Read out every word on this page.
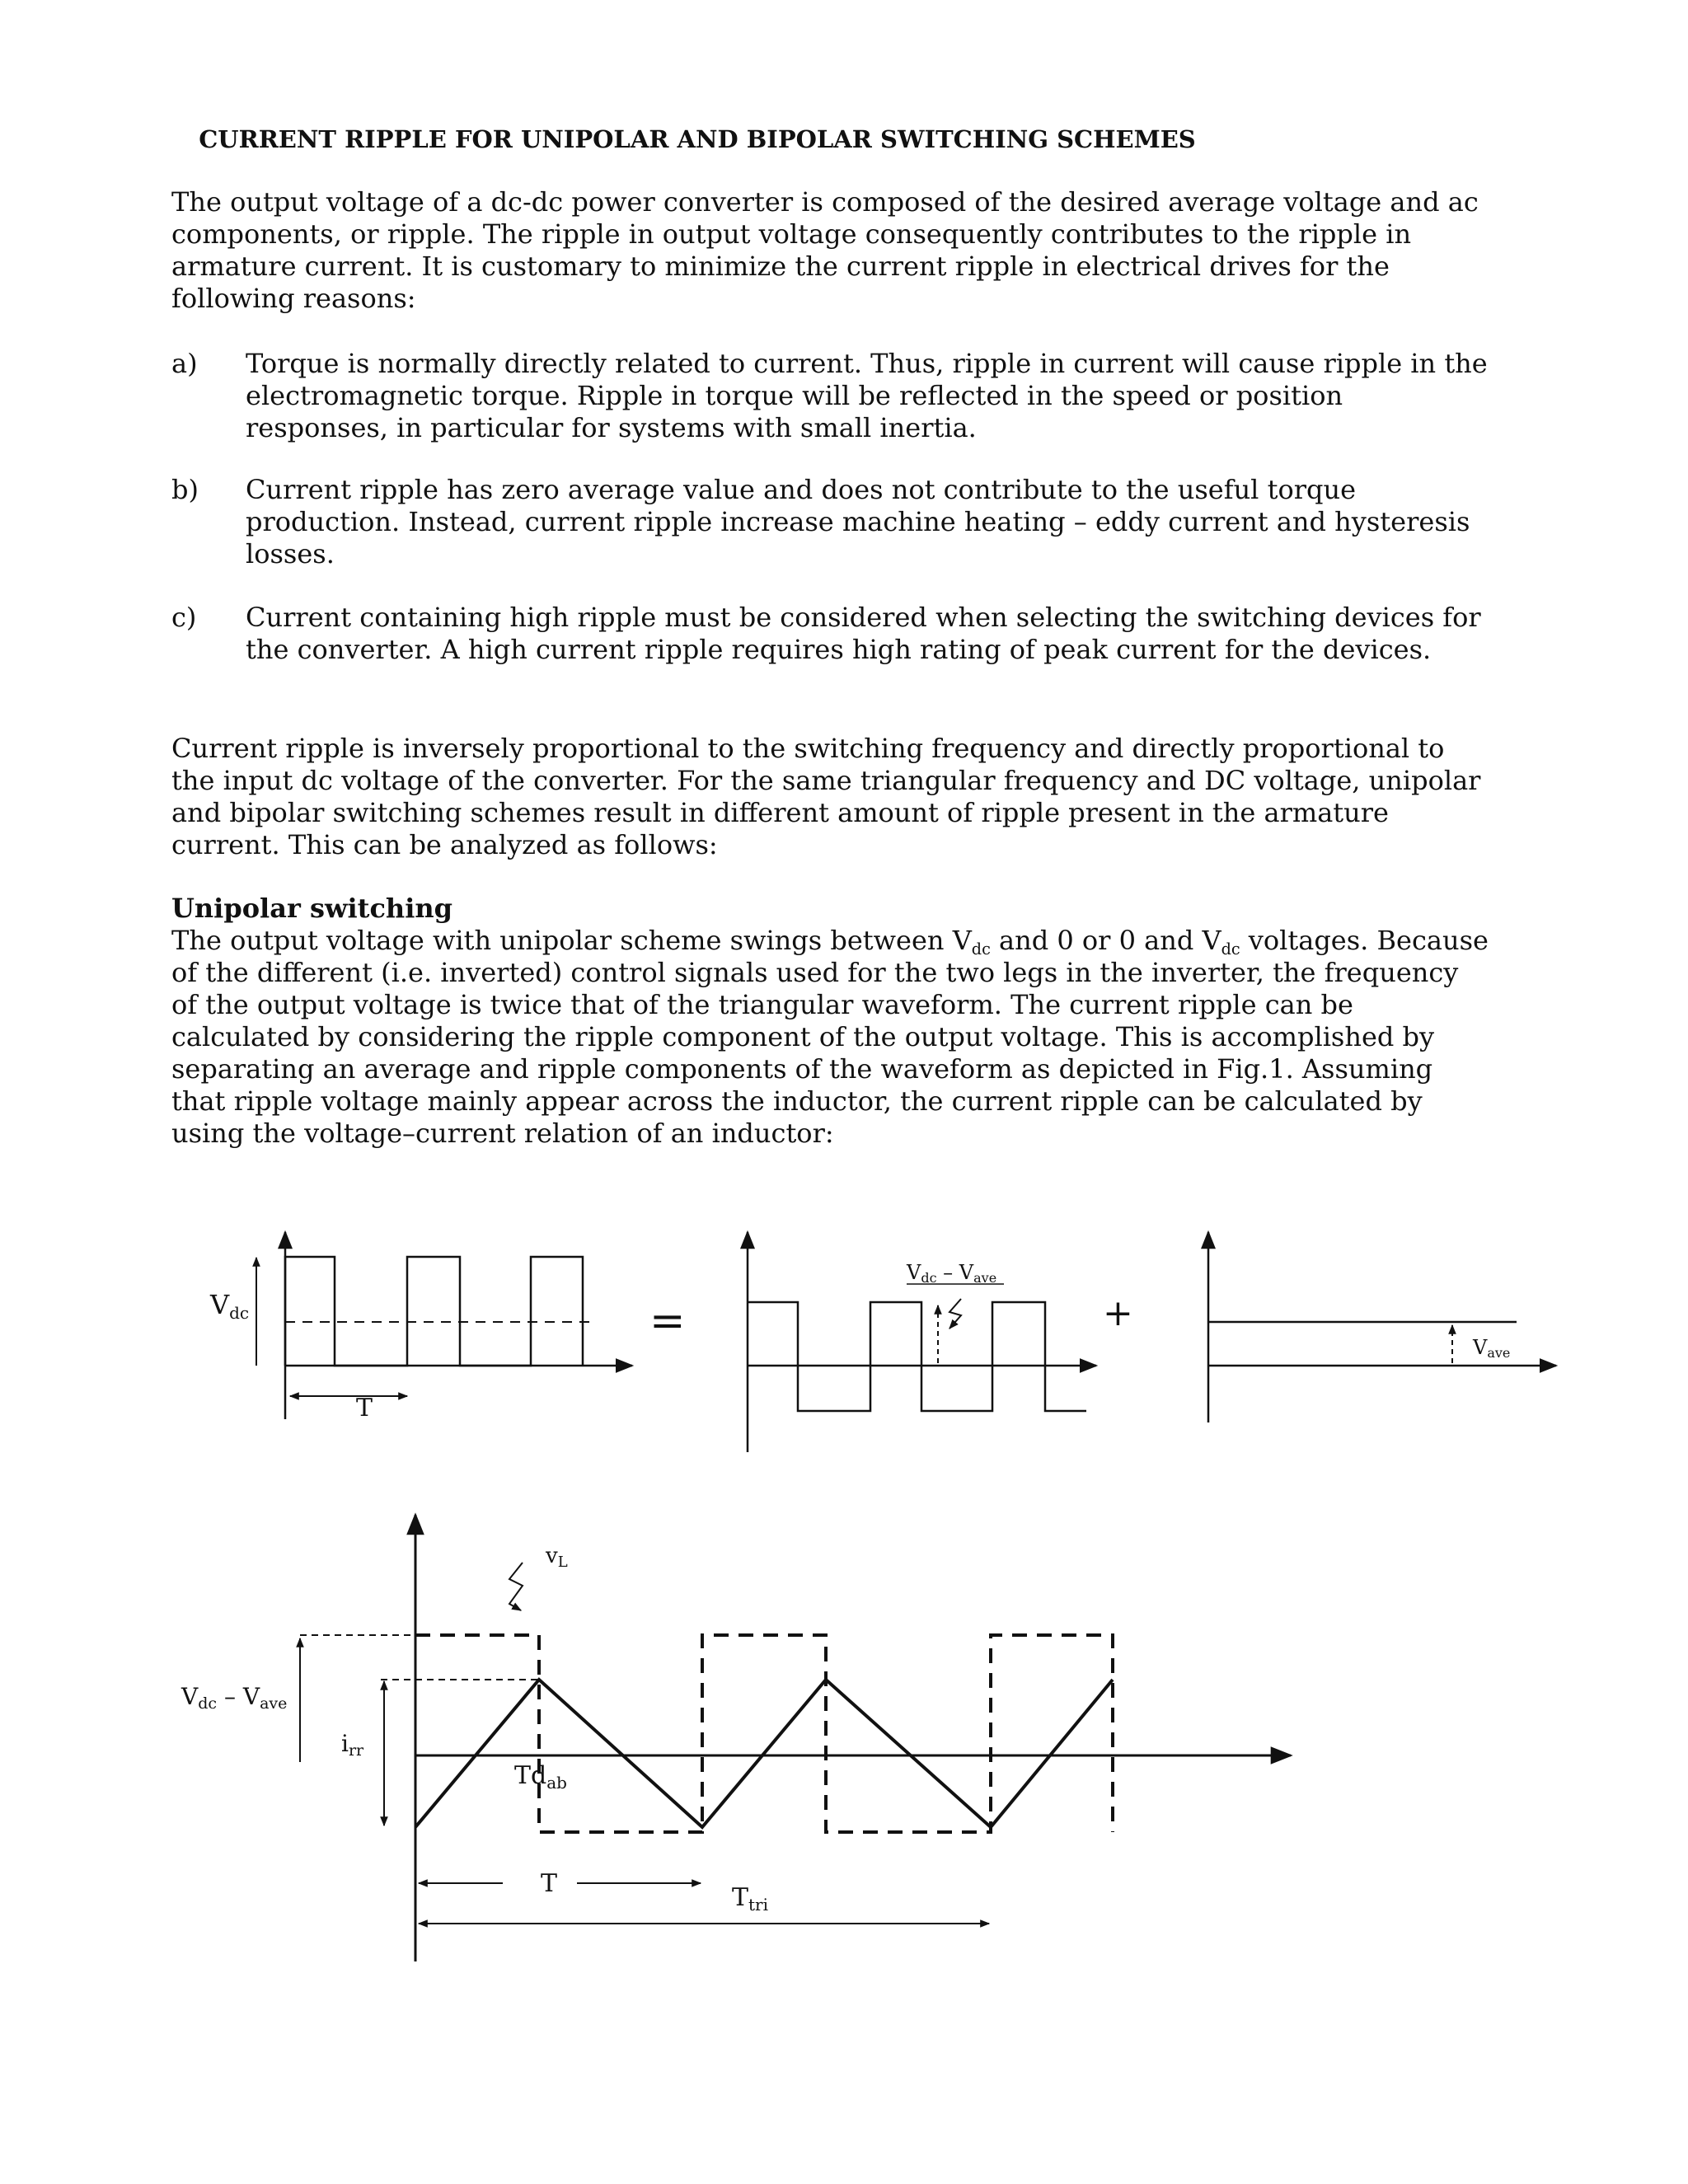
CURRENT RIPPLE FOR UNIPOLAR AND BIPOLAR SWITCHING SCHEMES
The output voltage of a dc-dc power converter is composed of the desired average voltage and ac components, or ripple. The ripple in output voltage consequently contributes to the ripple in armature current. It is customary to minimize the current ripple in electrical drives for the following reasons:
a)	Torque is normally directly related to current. Thus, ripple in current will cause ripple in the electromagnetic torque. Ripple in torque will be reflected in the speed or position responses, in particular for systems with small inertia.
b)	Current ripple has zero average value and does not contribute to the useful torque production. Instead, current ripple increase machine heating – eddy current and hysteresis losses.
c)	Current containing high ripple must be considered when selecting the switching devices for the converter. A high current ripple requires high rating of peak current for the devices.
Current ripple is inversely proportional to the switching frequency and directly proportional to the input dc voltage of the converter. For the same triangular frequency and DC voltage, unipolar and bipolar switching schemes result in different amount of ripple present in the armature current. This can be analyzed as follows:
Unipolar switching
The output voltage with unipolar scheme swings between $V_{dc}$ and 0 or 0 and $V_{dc}$ voltages. Because of the different (i.e. inverted) control signals used for the two legs in the inverter, the frequency of the output voltage is twice that of the triangular waveform. The current ripple can be calculated by considering the ripple component of the output voltage. This is accomplished by separating an average and ripple components of the waveform as depicted in Fig.1. Assuming that ripple voltage mainly appear across the inductor, the current ripple can be calculated by using the voltage–current relation of an inductor:
Vdc
T
=
Vdc – Vave
+
Vave
vL
Vdc – Vave
irr
$Td_{ab}$
T	$T_{tri}$
